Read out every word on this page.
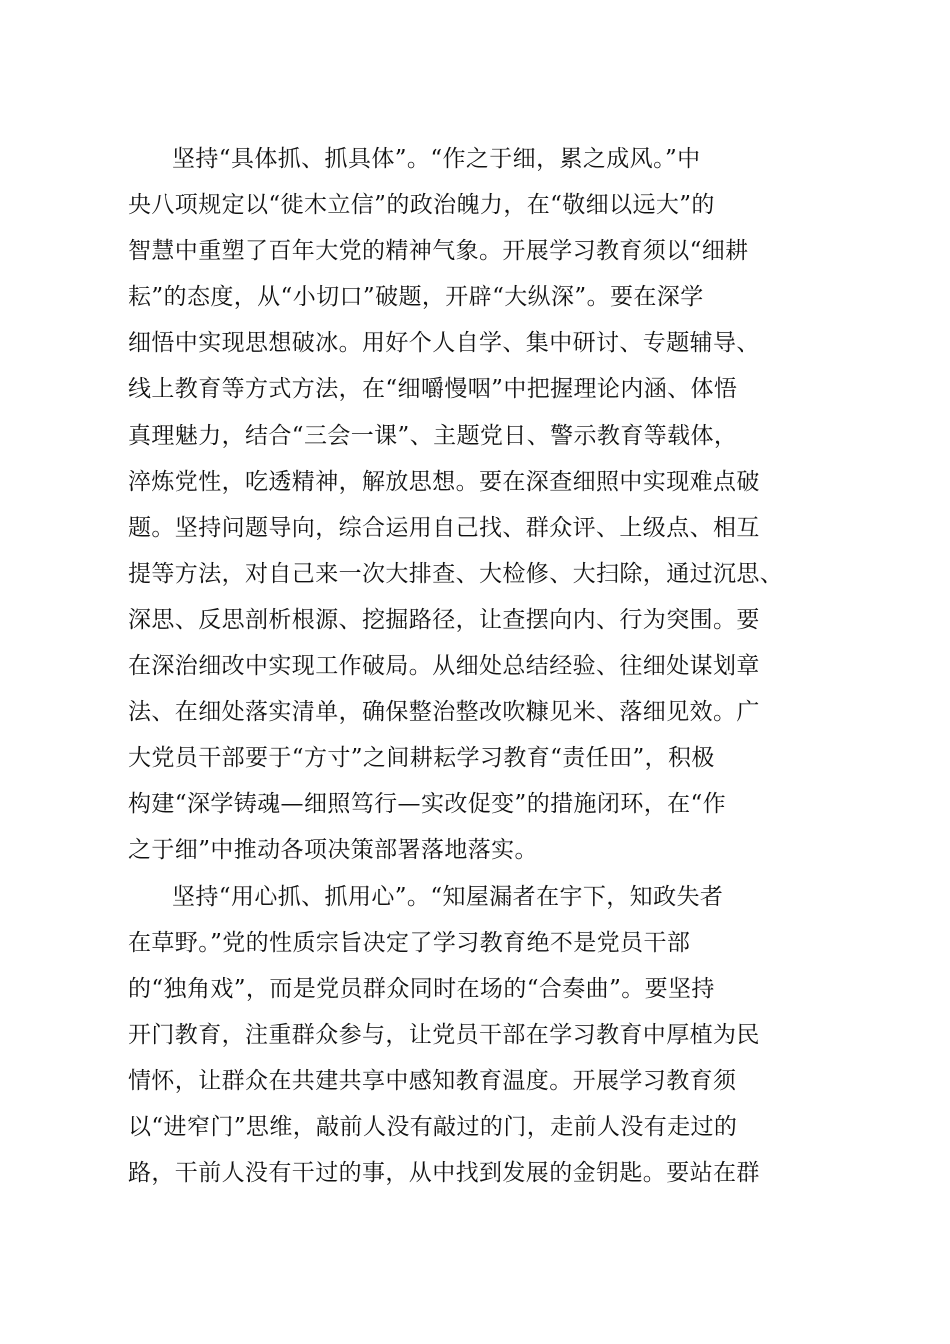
坚持“具体抓、抓具体”。“作之于细，累之成风。”中
央八项规定以“徙木立信”的政治魄力，在“敬细以远大”的
智慧中重塑了百年大党的精神气象。开展学习教育须以“细耕
耘”的态度，从“小切口”破题，开辟“大纵深”。要在深学
细悟中实现思想破冰。用好个人自学、集中研讨、专题辅导、
线上教育等方式方法，在“细嚼慢咽”中把握理论内涵、体悟
真理魅力，结合“三会一课”、主题党日、警示教育等载体，
淬炼党性，吃透精神，解放思想。要在深查细照中实现难点破
题。坚持问题导向，综合运用自己找、群众评、上级点、相互
提等方法，对自己来一次大排查、大检修、大扫除，通过沉思、
深思、反思剖析根源、挖掘路径，让查摆向内、行为突围。要
在深治细改中实现工作破局。从细处总结经验、往细处谋划章
法、在细处落实清单，确保整治整改吹糠见米、落细见效。广
大党员干部要于“方寸”之间耕耘学习教育“责任田”，积极
构建“深学铸魂—细照笃行—实改促变”的措施闭环，在“作
之于细”中推动各项决策部署落地落实。
坚持“用心抓、抓用心”。“知屋漏者在宇下，知政失者
在草野。”党的性质宗旨决定了学习教育绝不是党员干部
的“独角戏”，而是党员群众同时在场的“合奏曲”。要坚持
开门教育，注重群众参与，让党员干部在学习教育中厚植为民
情怀，让群众在共建共享中感知教育温度。开展学习教育须
以“进窄门”思维，敲前人没有敲过的门，走前人没有走过的
路，干前人没有干过的事，从中找到发展的金钥匙。要站在群
